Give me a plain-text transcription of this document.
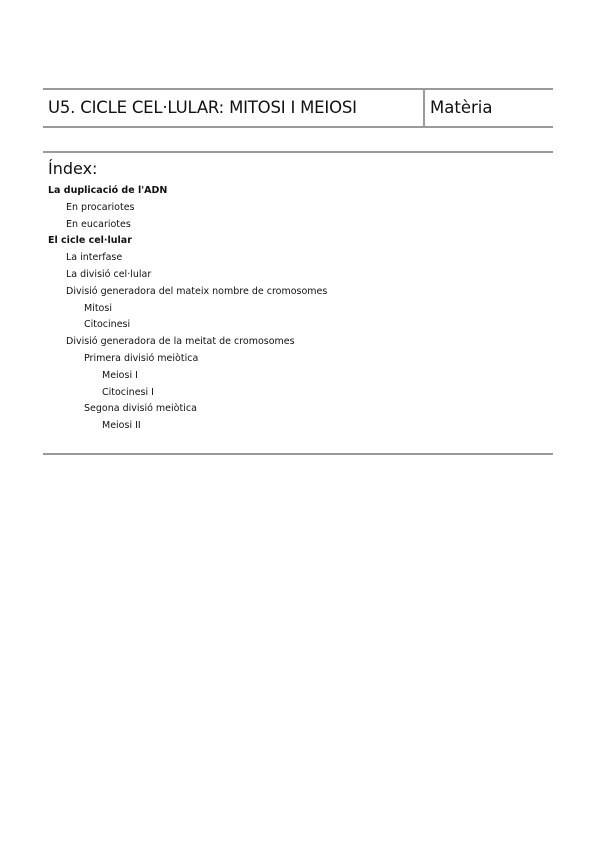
U5. CICLE CEL·LULAR: MITOSI I MEIOSI	Matèria
Índex:
La duplicació de l'ADN
En procariotes
En eucariotes
El cicle cel·lular
La interfase
La divisió cel·lular
Divisió generadora del mateix nombre de cromosomes
Mitosi
Citocinesi
Divisió generadora de la meitat de cromosomes
Primera divisió meiòtica
Meiosi I
Citocinesi I
Segona divisió meiòtica
Meiosi II
